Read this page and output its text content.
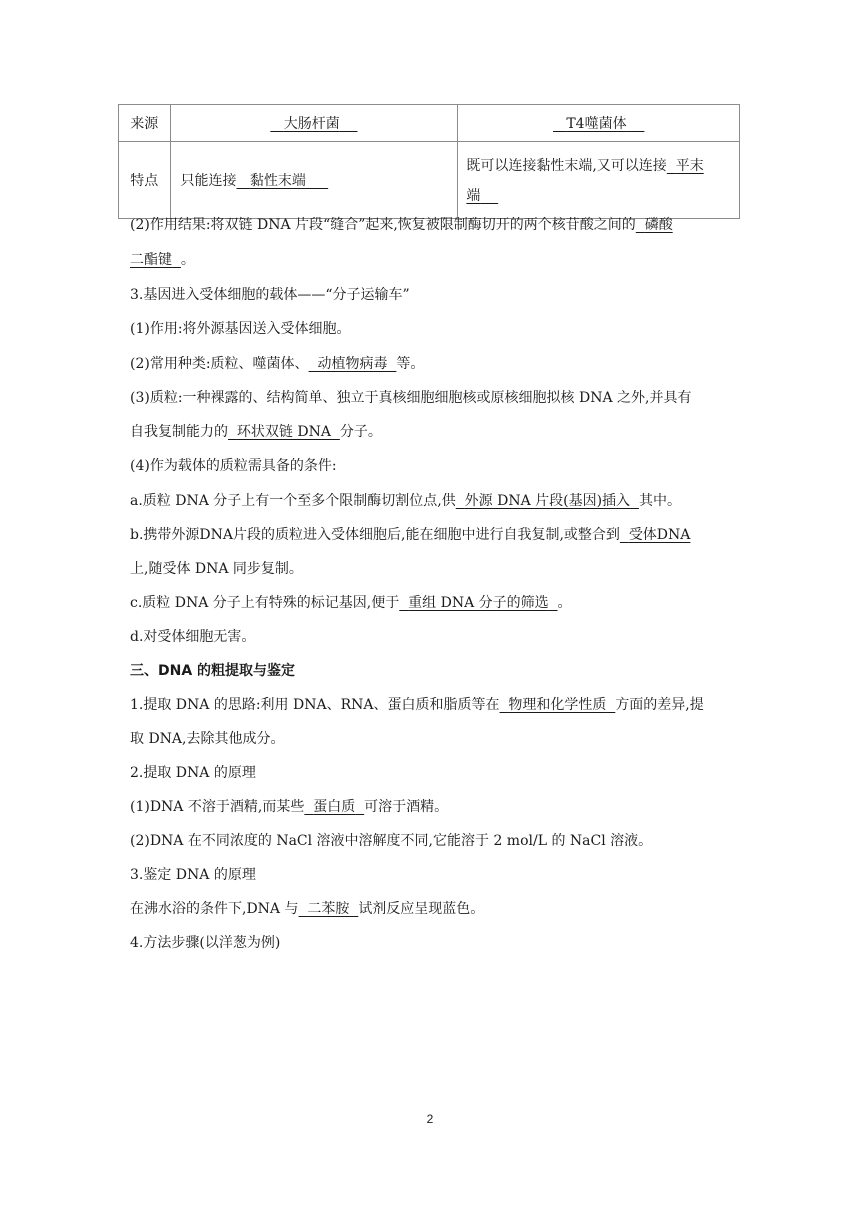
来源	大肠杆菌	T4噬菌体
特点	只能连接 黏性末端	既可以连接黏性末端,又可以连接 平末
端
(2)作用结果:将双链 DNA 片段“缝合”起来,恢复被限制酶切开的两个核苷酸之间的 磷酸
二酯键 。
3.基因进入受体细胞的载体——“分子运输车”
(1)作用:将外源基因送入受体细胞。
(2)常用种类:质粒、噬菌体、 动植物病毒 等。
(3)质粒:一种裸露的、结构简单、独立于真核细胞细胞核或原核细胞拟核 DNA 之外,并具有
自我复制能力的 环状双链 DNA 分子。
(4)作为载体的质粒需具备的条件:
a.质粒 DNA 分子上有一个至多个限制酶切割位点,供 外源 DNA 片段(基因)插入 其中。
b.携带外源DNA片段的质粒进入受体细胞后,能在细胞中进行自我复制,或整合到 受体DNA
上,随受体 DNA 同步复制。
c.质粒 DNA 分子上有特殊的标记基因,便于 重组 DNA 分子的筛选 。
d.对受体细胞无害。
三、DNA 的粗提取与鉴定
1.提取 DNA 的思路:利用 DNA、RNA、蛋白质和脂质等在 物理和化学性质 方面的差异,提
取 DNA,去除其他成分。
2.提取 DNA 的原理
(1)DNA 不溶于酒精,而某些 蛋白质 可溶于酒精。
(2)DNA 在不同浓度的 NaCl 溶液中溶解度不同,它能溶于 2 mol/L 的 NaCl 溶液。
3.鉴定 DNA 的原理
在沸水浴的条件下,DNA 与 二苯胺 试剂反应呈现蓝色。
4.方法步骤(以洋葱为例)
2
